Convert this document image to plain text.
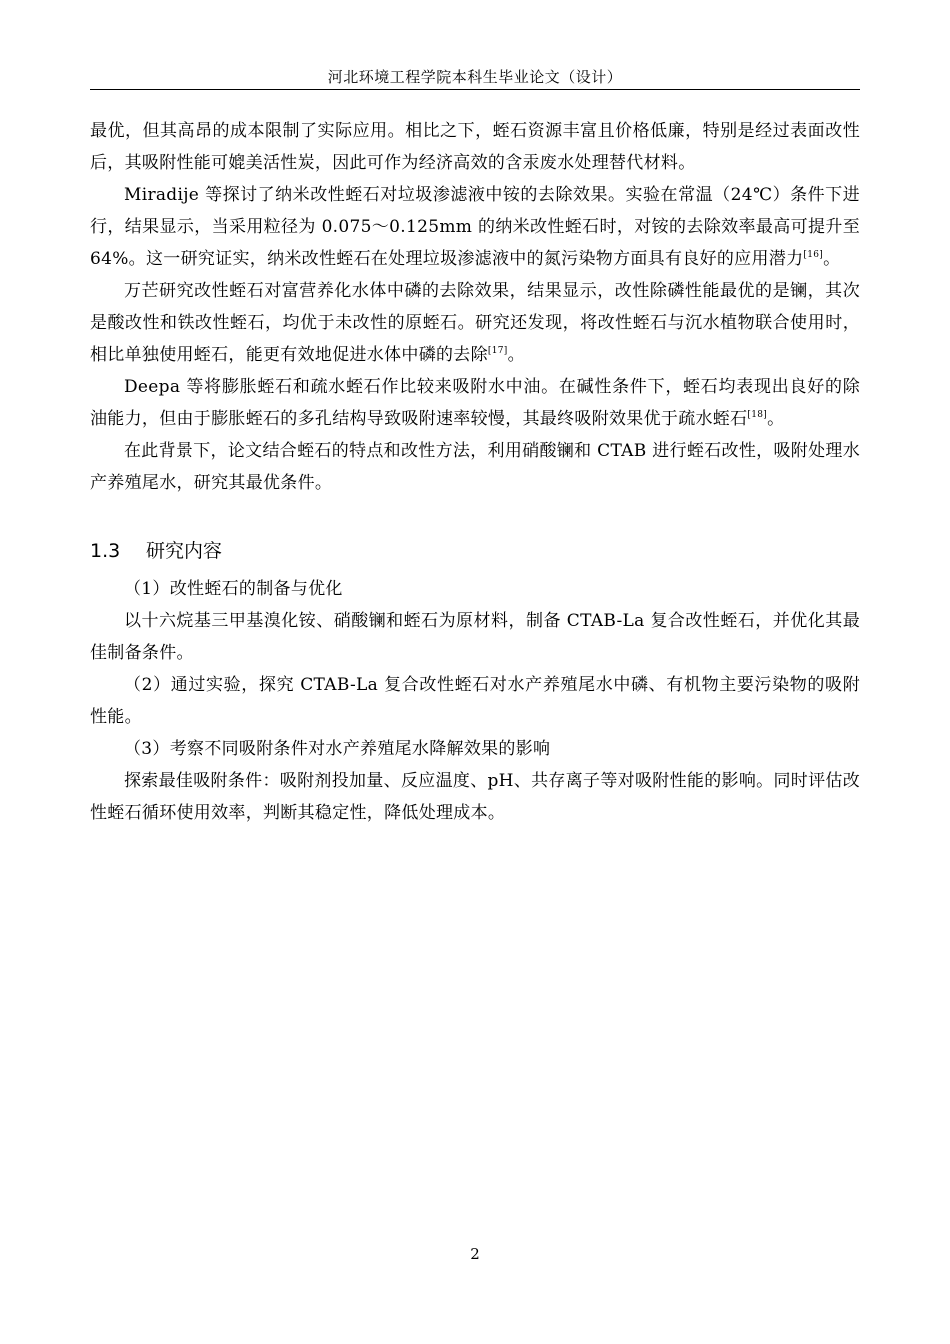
河北环境工程学院本科生毕业论文（设计）

最优，但其高昂的成本限制了实际应用。相比之下，蛭石资源丰富且价格低廉，特别是经过表面改性后，其吸附性能可媲美活性炭，因此可作为经济高效的含汞废水处理替代材料。

Miradije 等探讨了纳米改性蛭石对垃圾渗滤液中铵的去除效果。实验在常温（24℃）条件下进行，结果显示，当采用粒径为 0.075～0.125mm 的纳米改性蛭石时，对铵的去除效率最高可提升至 64%。这一研究证实，纳米改性蛭石在处理垃圾渗滤液中的氮污染物方面具有良好的应用潜力[16]。

万芒研究改性蛭石对富营养化水体中磷的去除效果，结果显示，改性除磷性能最优的是镧，其次是酸改性和铁改性蛭石，均优于未改性的原蛭石。研究还发现，将改性蛭石与沉水植物联合使用时，相比单独使用蛭石，能更有效地促进水体中磷的去除[17]。

Deepa 等将膨胀蛭石和疏水蛭石作比较来吸附水中油。在碱性条件下，蛭石均表现出良好的除油能力，但由于膨胀蛭石的多孔结构导致吸附速率较慢，其最终吸附效果优于疏水蛭石[18]。

在此背景下，论文结合蛭石的特点和改性方法，利用硝酸镧和 CTAB 进行蛭石改性，吸附处理水产养殖尾水，研究其最优条件。

1.3 研究内容

（1）改性蛭石的制备与优化

以十六烷基三甲基溴化铵、硝酸镧和蛭石为原材料，制备 CTAB-La 复合改性蛭石，并优化其最佳制备条件。

（2）通过实验，探究 CTAB-La 复合改性蛭石对水产养殖尾水中磷、有机物主要污染物的吸附性能。

（3）考察不同吸附条件对水产养殖尾水降解效果的影响

探索最佳吸附条件：吸附剂投加量、反应温度、pH、共存离子等对吸附性能的影响。同时评估改性蛭石循环使用效率，判断其稳定性，降低处理成本。

2
